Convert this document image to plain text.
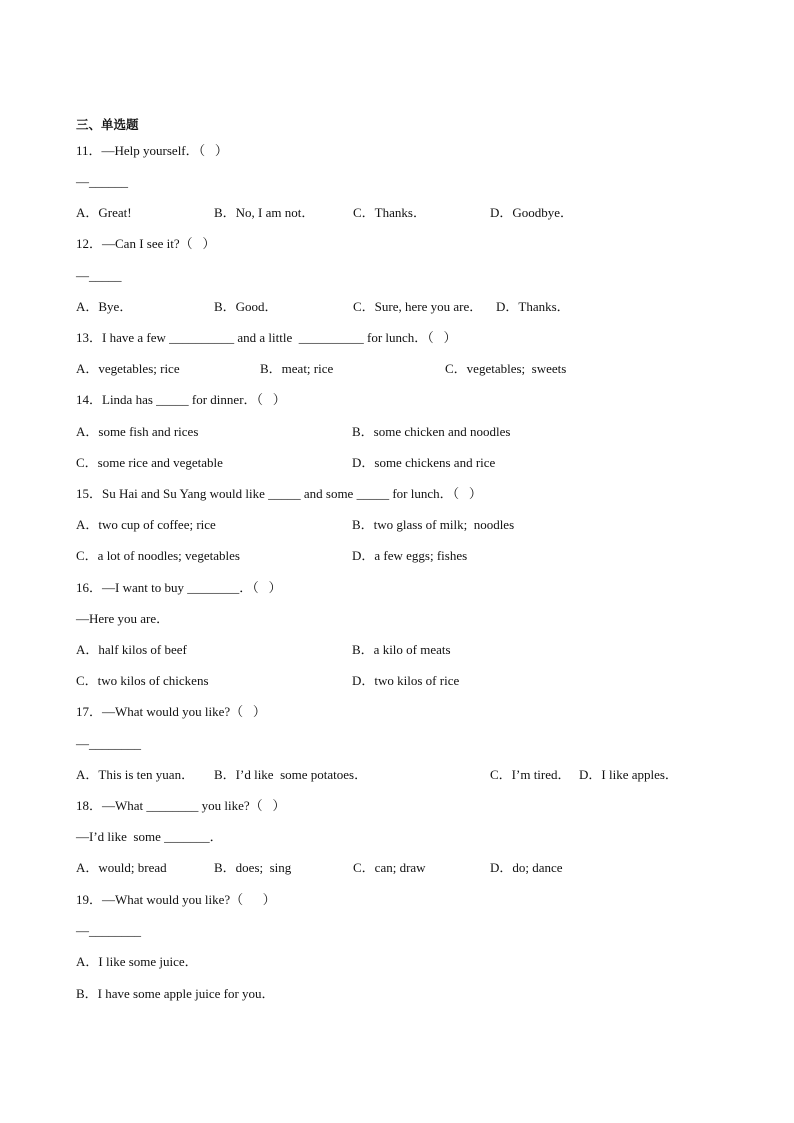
三、单选题
11．—Help yourself．（   ）
—______
A．Great!	B．No, I am not．	C．Thanks．	D．Goodbye．
12．—Can I see it?（   ）
—_____
A．Bye．	B．Good．	C．Sure, here you are． D．Thanks．
13．I have a few __________ and a little  __________ for lunch．（   ）
A．vegetables; rice	B．meat; rice	C．vegetables;  sweets
14．Linda has _____ for dinner．（   ）
A．some fish and rices	B．some chicken and noodles
C．some rice and vegetable	D．some chickens and rice
15．Su Hai and Su Yang would like _____ and some _____ for lunch．（   ）
A．two cup of coffee; rice	B．two glass of milk;  noodles
C．a lot of noodles; vegetables	D．a few eggs; fishes
16．—I want to buy ________．（   ）
—Here you are．
A．half kilos of beef	B．a kilo of meats
C．two kilos of chickens	D．two kilos of rice
17．—What would you like?（   ）
—________
A．This is ten yuan． B．I’d like  some potatoes．	C．I’m tired． D．I like apples．
18．—What ________ you like?（   ）
—I’d like  some _______．
A．would; bread	B．does;  sing	C．can; draw	D．do; dance
19．—What would you like?（      ）
—________
A．I like some juice．
B．I have some apple juice for you．
